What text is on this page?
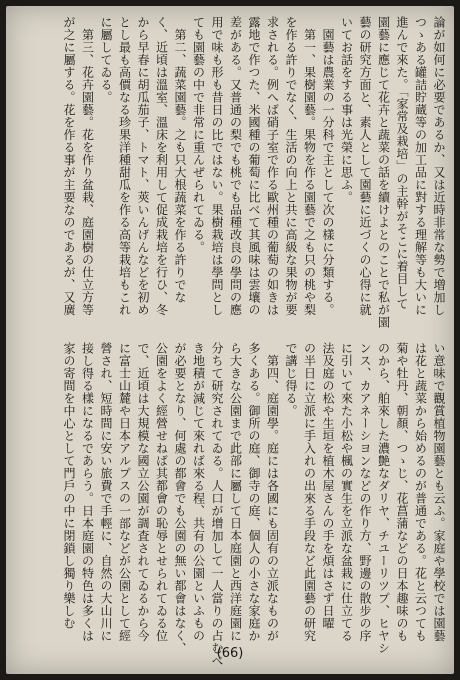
論が如何に必要であるか、又は近時非常な勢で増加し

つゝある罐詰貯蔵等の加工品に對する理解等も大いに

進んで來た。「家常及栽培」の主幹がそこに着目して

園藝に應じて花卉と蔬菜の話を續けよとのことで私が園

藝の研究方面と、素人として園藝に近づくの心得に就

いてお話をする事は光榮に思ふ。

　園藝は農業の一分科で主として次の樣に分類する。

　第一、果樹園藝。果物を作る園藝で之も只の桃や梨

を作る許りでなく、生活の向上と共に高級な果物が要

求される。例へば硝子室で作る歐州種の葡萄の如きは

露地で作つた、米國種の葡萄に比べて其風味は雲壤の

差がある。又普通の梨でも桃でも品種改良の學問の應

用で味も形も昔日の比ではない。果樹栽培は學問とし

ても園藝の中で非常に重んぜられてゐる。

　第二、蔬菜園藝。之も只大根蔬菜を作る許りでな

く、近頃は溫室、溫床を利用して促成栽培を行ひ、冬

から早春に胡瓜茄子、トマト、莢いんげんなどを初め

とし最も高價なる珍果洋種甜瓜を作る高等栽培もこれ

に屬してゐる。

　第三、花卉園藝。花を作り盆栽、庭園樹の仕立方等

が之に屬する。花を作る事が主要なのであるが、又廣

い意味で觀賞植物園藝とも云ふ。家庭や學校では園藝

は花と蔬菜から始めるのが普通である。花と云つても

菊や牡丹、朝顏、つゝじ、花菖蒲などの日本趣味のも

のから、舶來した濃艶なダリヤ、チユーリツプ、ヒヤシ

ンス、カアネーシヨンなどの作り方、野邊の散步の序

に引いて來た小松や楓の實生を立派な盆栽に仕立てる

法及庭の松や生垣を植木屋さんの手を煩はさず日曜

の半日に立派に手入れの出來る手段など此園藝の研究

で講じ得る。

　第四、庭園學。庭には各國にも固有の立派なものが

多くある。御所の庭、御寺の庭、個人の小さな家庭か

ら大きな公園まで此部に屬して日本庭園と西洋庭園に

分ちて研究されてゐる。人口が增加して一人當りの占むべ

き地積が減じて來れば來る程、共有の公園といふもの

が必要となり、何處の都會でも公園の無い都會はなく、

公園をよく經營せねば其都會の恥辱とせられてゐる位

で、近頃は大規模な國立公園が調査されてゐるから今

に富士山麓や日本アルプスの一部などが公園として經

營され、短時間に安い旅費で手輕に、自然の大山川に

接し得る樣になるであらう。日本庭園の特色は多くは

家の寄間を中心として門戶の中に閉鎖し獨り樂しむ

(66)
